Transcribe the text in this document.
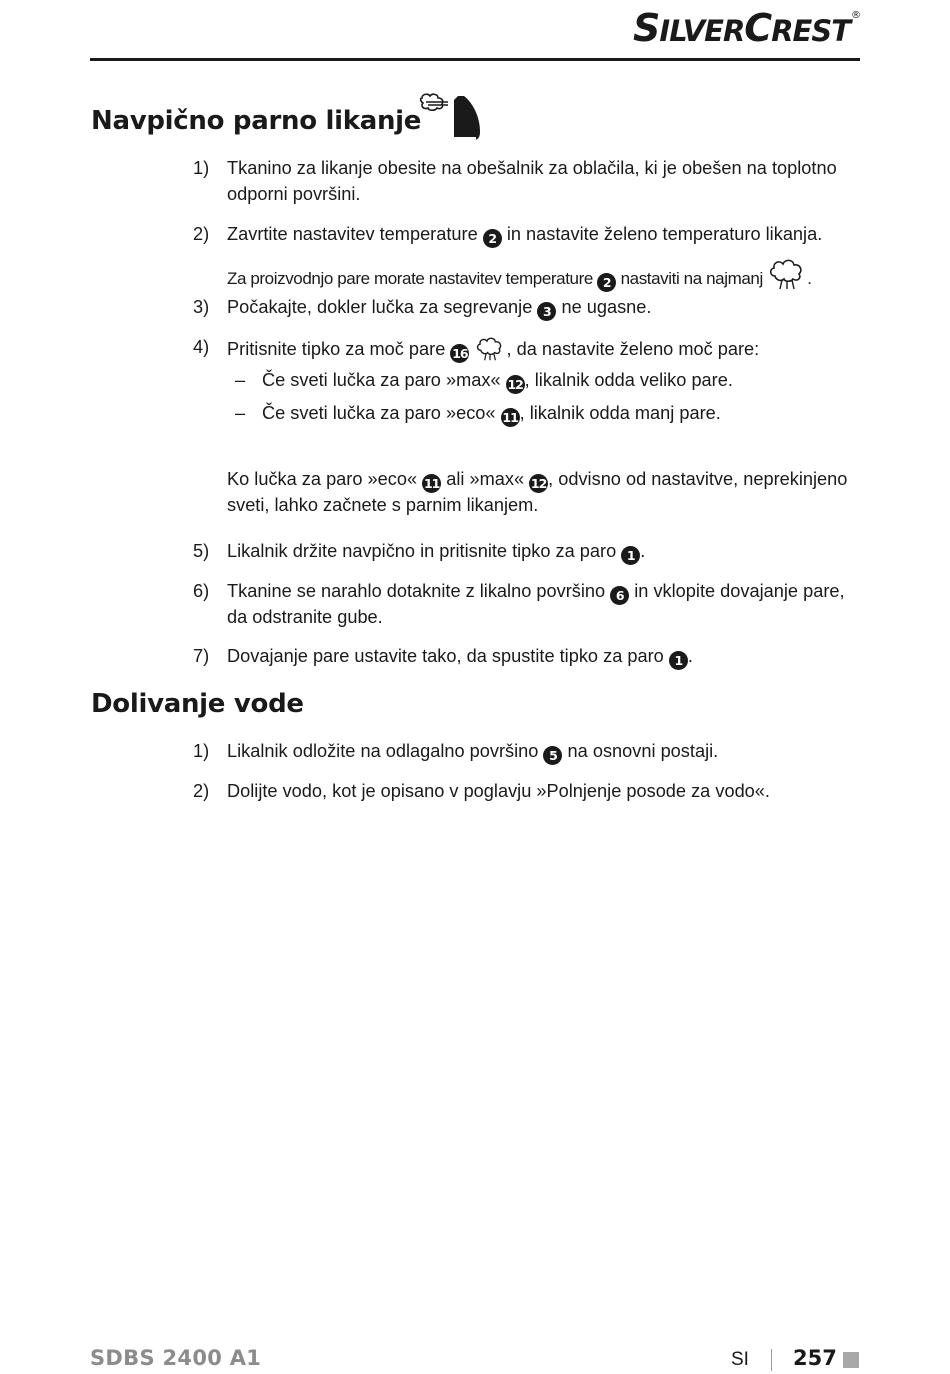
SILVERCREST®
Navpično parno likanje
1) Tkanino za likanje obesite na obešalnik za oblačila, ki je obešen na toplotno odporni površini.
2) Zavrtite nastavitev temperature 2 in nastavite želeno temperaturo likanja.
Za proizvodnjo pare morate nastavitev temperature 2 nastaviti na najmanj	.
3) Počakajte, dokler lučka za segrevanje 3 ne ugasne.
4) Pritisnite tipko za moč pare 16 , da nastavite želeno moč pare:
– Če sveti lučka za paro »max« 12, likalnik odda veliko pare.
– Če sveti lučka za paro »eco« 11, likalnik odda manj pare.
Ko lučka za paro »eco« 11 ali »max« 12, odvisno od nastavitve, neprekinjeno sveti, lahko začnete s parnim likanjem.
5) Likalnik držite navpično in pritisnite tipko za paro 1 .
6) Tkanine se narahlo dotaknite z likalno površino 6 in vklopite dovajanje pare, da odstranite gube.
7) Dovajanje pare ustavite tako, da spustite tipko za paro 1 .
Dolivanje vode
1) Likalnik odložite na odlagalno površino 5 na osnovni postaji.
2) Dolijte vodo, kot je opisano v poglavju »Polnjenje posode za vodo«.
SDBS 2400 A1	SI 257
